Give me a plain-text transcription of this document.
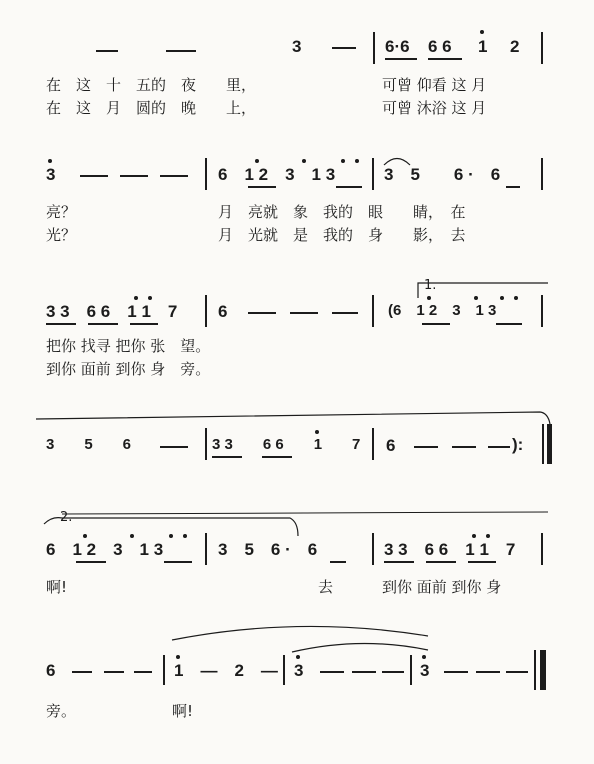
3	6·6 6 6 1 2
在　这　十　五的　夜　　里，	可曾 仰看 这 月
在　这　月　圆的　晚　　上，	可曾 沐浴 这 月
3	6　1 2　3　1 3	3　5　　6 ·　6
亮？	月　亮就　象　我的　眼　　睛，　在
光？	月　光就　是　我的　身　　影，　去
1.
3 3　6 6　1 1　7 6	(6　1 2　3　1 3
把你 找寻 把你 张　望。
到你 面前 到你 身　旁。
3　　5　　6	3 3　　6 6　　1　　7 6	):
2.
6　1 2　3　1 3	3　5　6 ·　6	3 3　6 6　1 1　7
啊!	去	到你 面前 到你 身
6	1　—　2　— 3	3
旁。	啊!
